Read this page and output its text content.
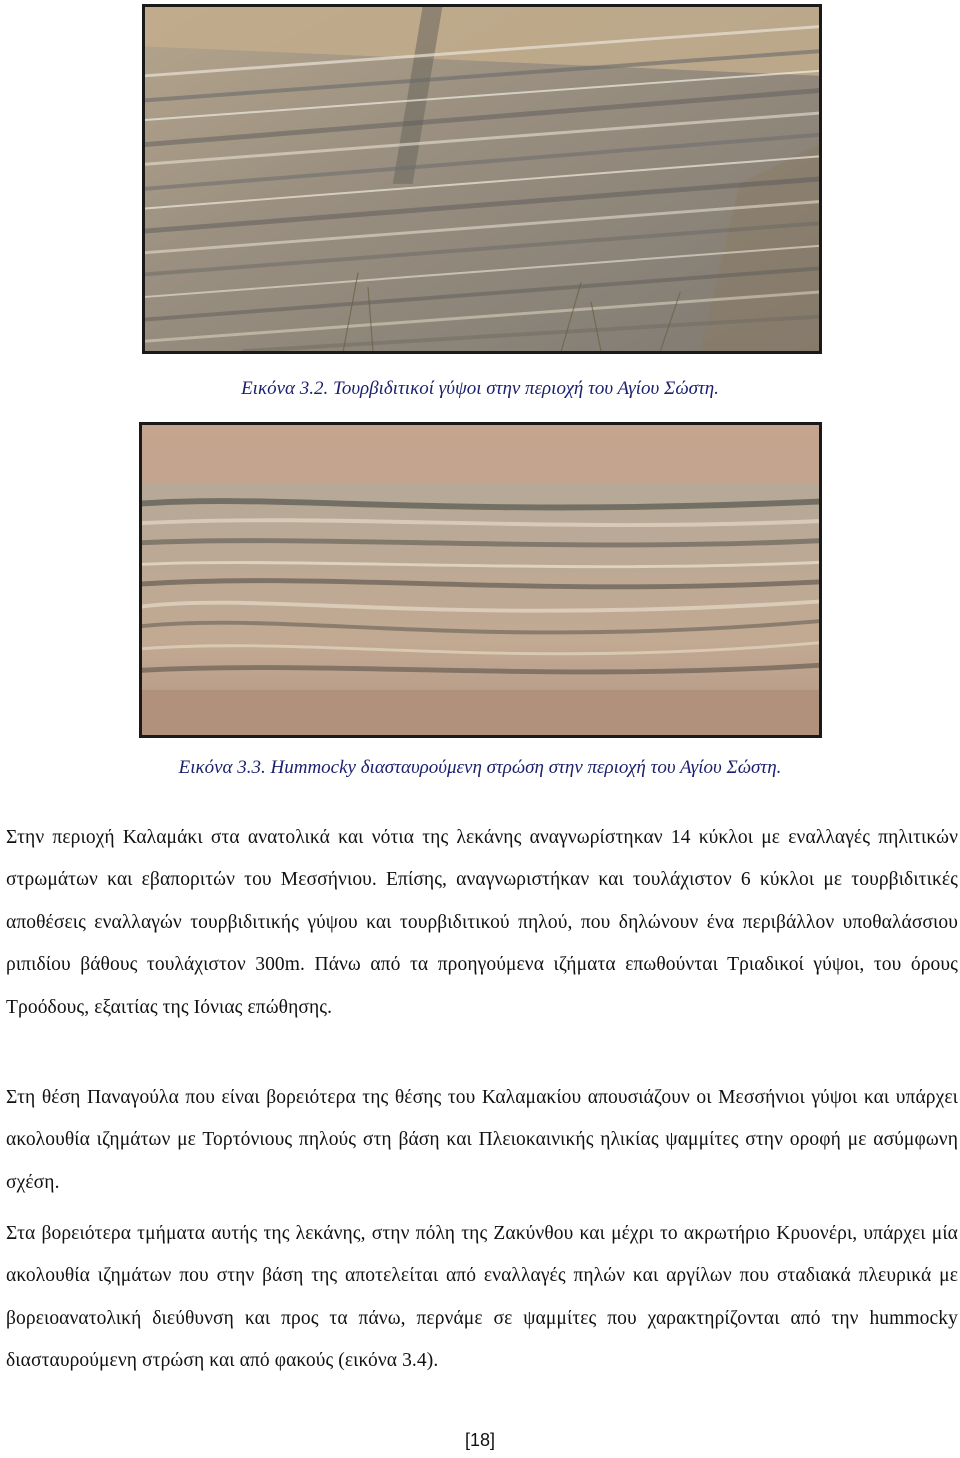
Εικόνα 3.2. Τουρβιδιτικοί γύψοι στην περιοχή του Αγίου Σώστη.
Εικόνα 3.3. Hummocky διασταυρούμενη στρώση στην περιοχή του Αγίου Σώστη.

Στην περιοχή Καλαμάκι στα ανατολικά και νότια της λεκάνης αναγνωρίστηκαν 14 κύκλοι με εναλλαγές πηλιτικών στρωμάτων και εβαποριτών του Μεσσήνιου. Επίσης, αναγνωριστήκαν και τουλάχιστον 6 κύκλοι με τουρβιδιτικές αποθέσεις εναλλαγών τουρβιδιτικής γύψου και τουρβιδιτικού πηλού, που δηλώνουν ένα περιβάλλον υποθαλάσσιου ριπιδίου βάθους τουλάχιστον 300m. Πάνω από τα προηγούμενα ιζήματα επωθούνται Τριαδικοί γύψοι, του όρους Τροόδους, εξαιτίας της Ιόνιας επώθησης.

Στη θέση Παναγούλα που είναι βορειότερα της θέσης του Καλαμακίου απουσιάζουν οι Μεσσήνιοι γύψοι και υπάρχει ακολουθία ιζημάτων με Τορτόνιους πηλούς στη βάση και Πλειοκαινικής ηλικίας ψαμμίτες στην οροφή με ασύμφωνη σχέση.

Στα βορειότερα τμήματα αυτής της λεκάνης, στην πόλη της Ζακύνθου και μέχρι το ακρωτήριο Κρυονέρι, υπάρχει μία ακολουθία ιζημάτων που στην βάση της αποτελείται από εναλλαγές πηλών και αργίλων που σταδιακά πλευρικά με βορειοανατολική διεύθυνση και προς τα πάνω, περνάμε σε ψαμμίτες που χαρακτηρίζονται από την hummocky διασταυρούμενη στρώση και από φακούς (εικόνα 3.4).

[18]
